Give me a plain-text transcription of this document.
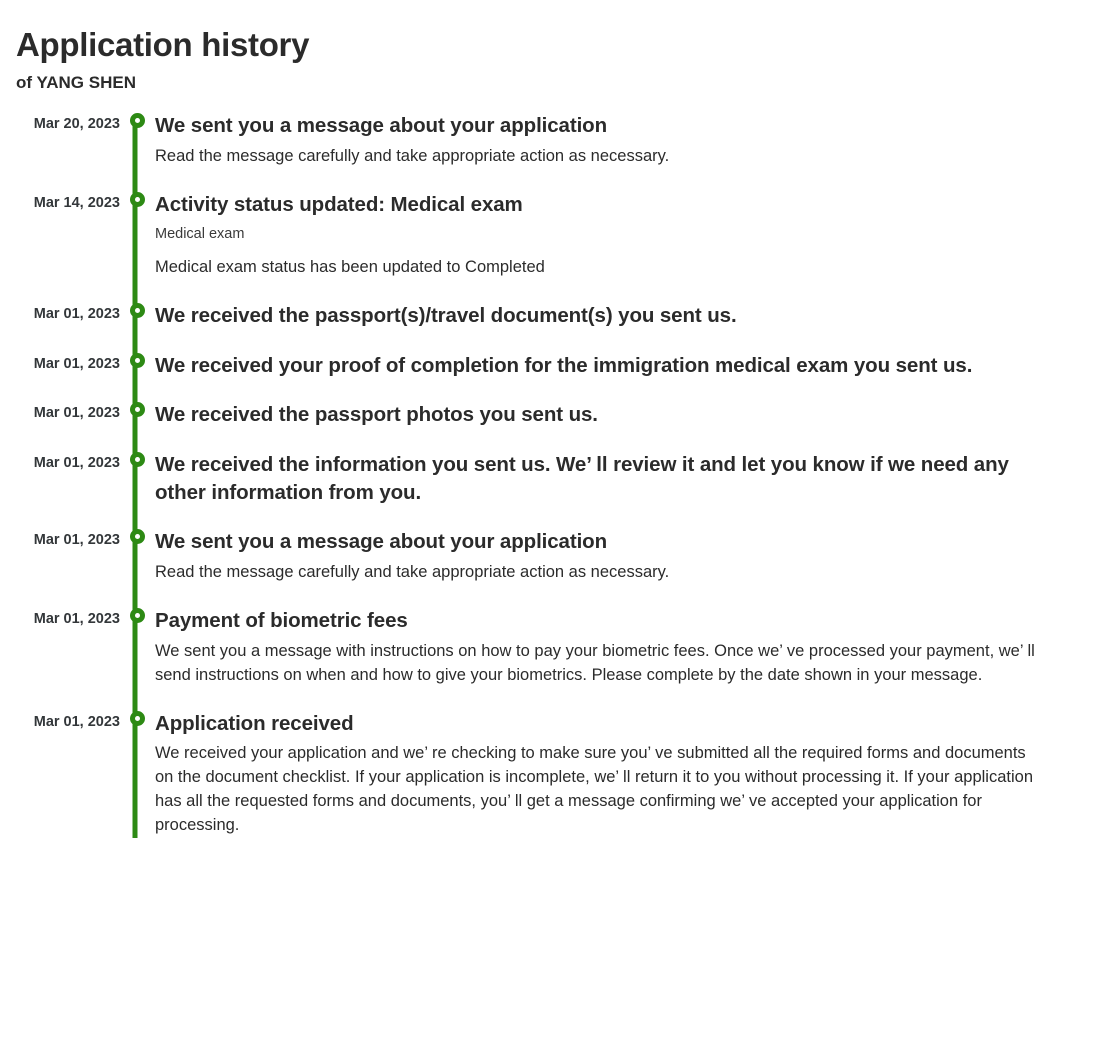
Application history
of YANG SHEN
Mar 20, 2023 We sent you a message about your application
Read the message carefully and take appropriate action as necessary.
Mar 14, 2023 Activity status updated: Medical exam
Medical exam
Medical exam status has been updated to Completed
Mar 01, 2023 We received the passport(s)/travel document(s) you sent us.
Mar 01, 2023 We received your proof of completion for the immigration medical exam you sent us.
Mar 01, 2023 We received the passport photos you sent us.
Mar 01, 2023 We received the information you sent us. We’ ll review it and let you know if we need any other information from you.
Mar 01, 2023 We sent you a message about your application
Read the message carefully and take appropriate action as necessary.
Mar 01, 2023 Payment of biometric fees
We sent you a message with instructions on how to pay your biometric fees. Once we’ ve processed your payment, we’ ll send instructions on when and how to give your biometrics. Please complete by the date shown in your message.
Mar 01, 2023 Application received
We received your application and we’ re checking to make sure you’ ve submitted all the required forms and documents on the document checklist. If your application is incomplete, we’ ll return it to you without processing it. If your application has all the requested forms and documents, you’ ll get a message confirming we’ ve accepted your application for processing.
